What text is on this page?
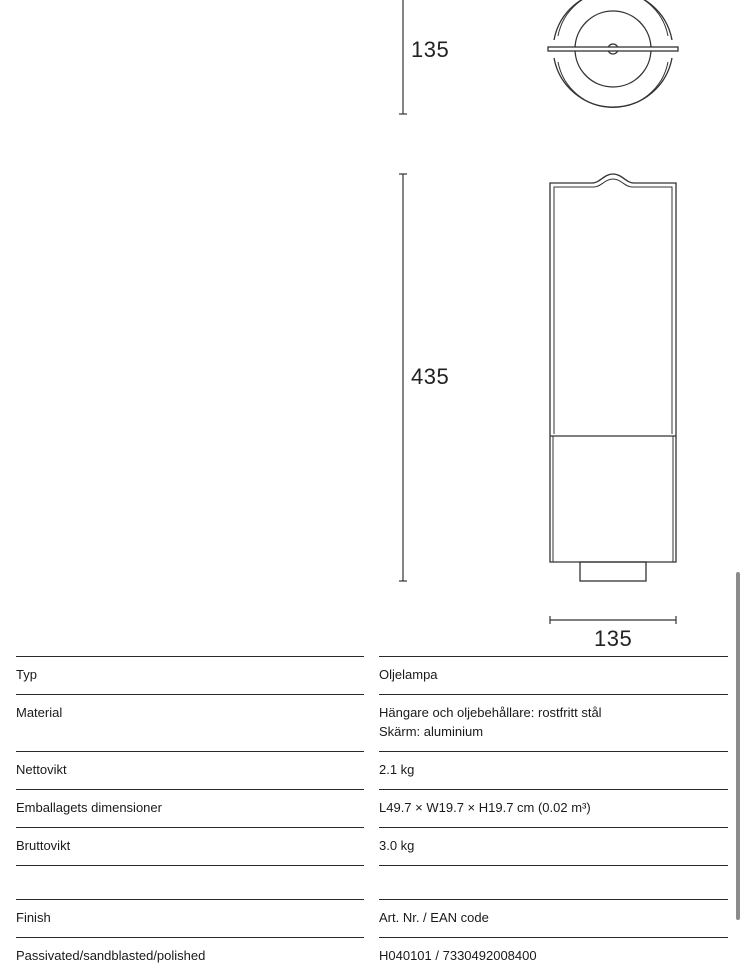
135
435
135
Typ	Oljelampa
Material	Hängare och oljebehållare: rostfritt stål
Skärm: aluminium
Nettovikt	2.1 kg
Emballagets dimensioner	L49.7 × W19.7 × H19.7 cm (0.02 m³)
Bruttovikt	3.0 kg
Finish	Art. Nr. / EAN code
Passivated/sandblasted/polished	H040101 / 7330492008400
